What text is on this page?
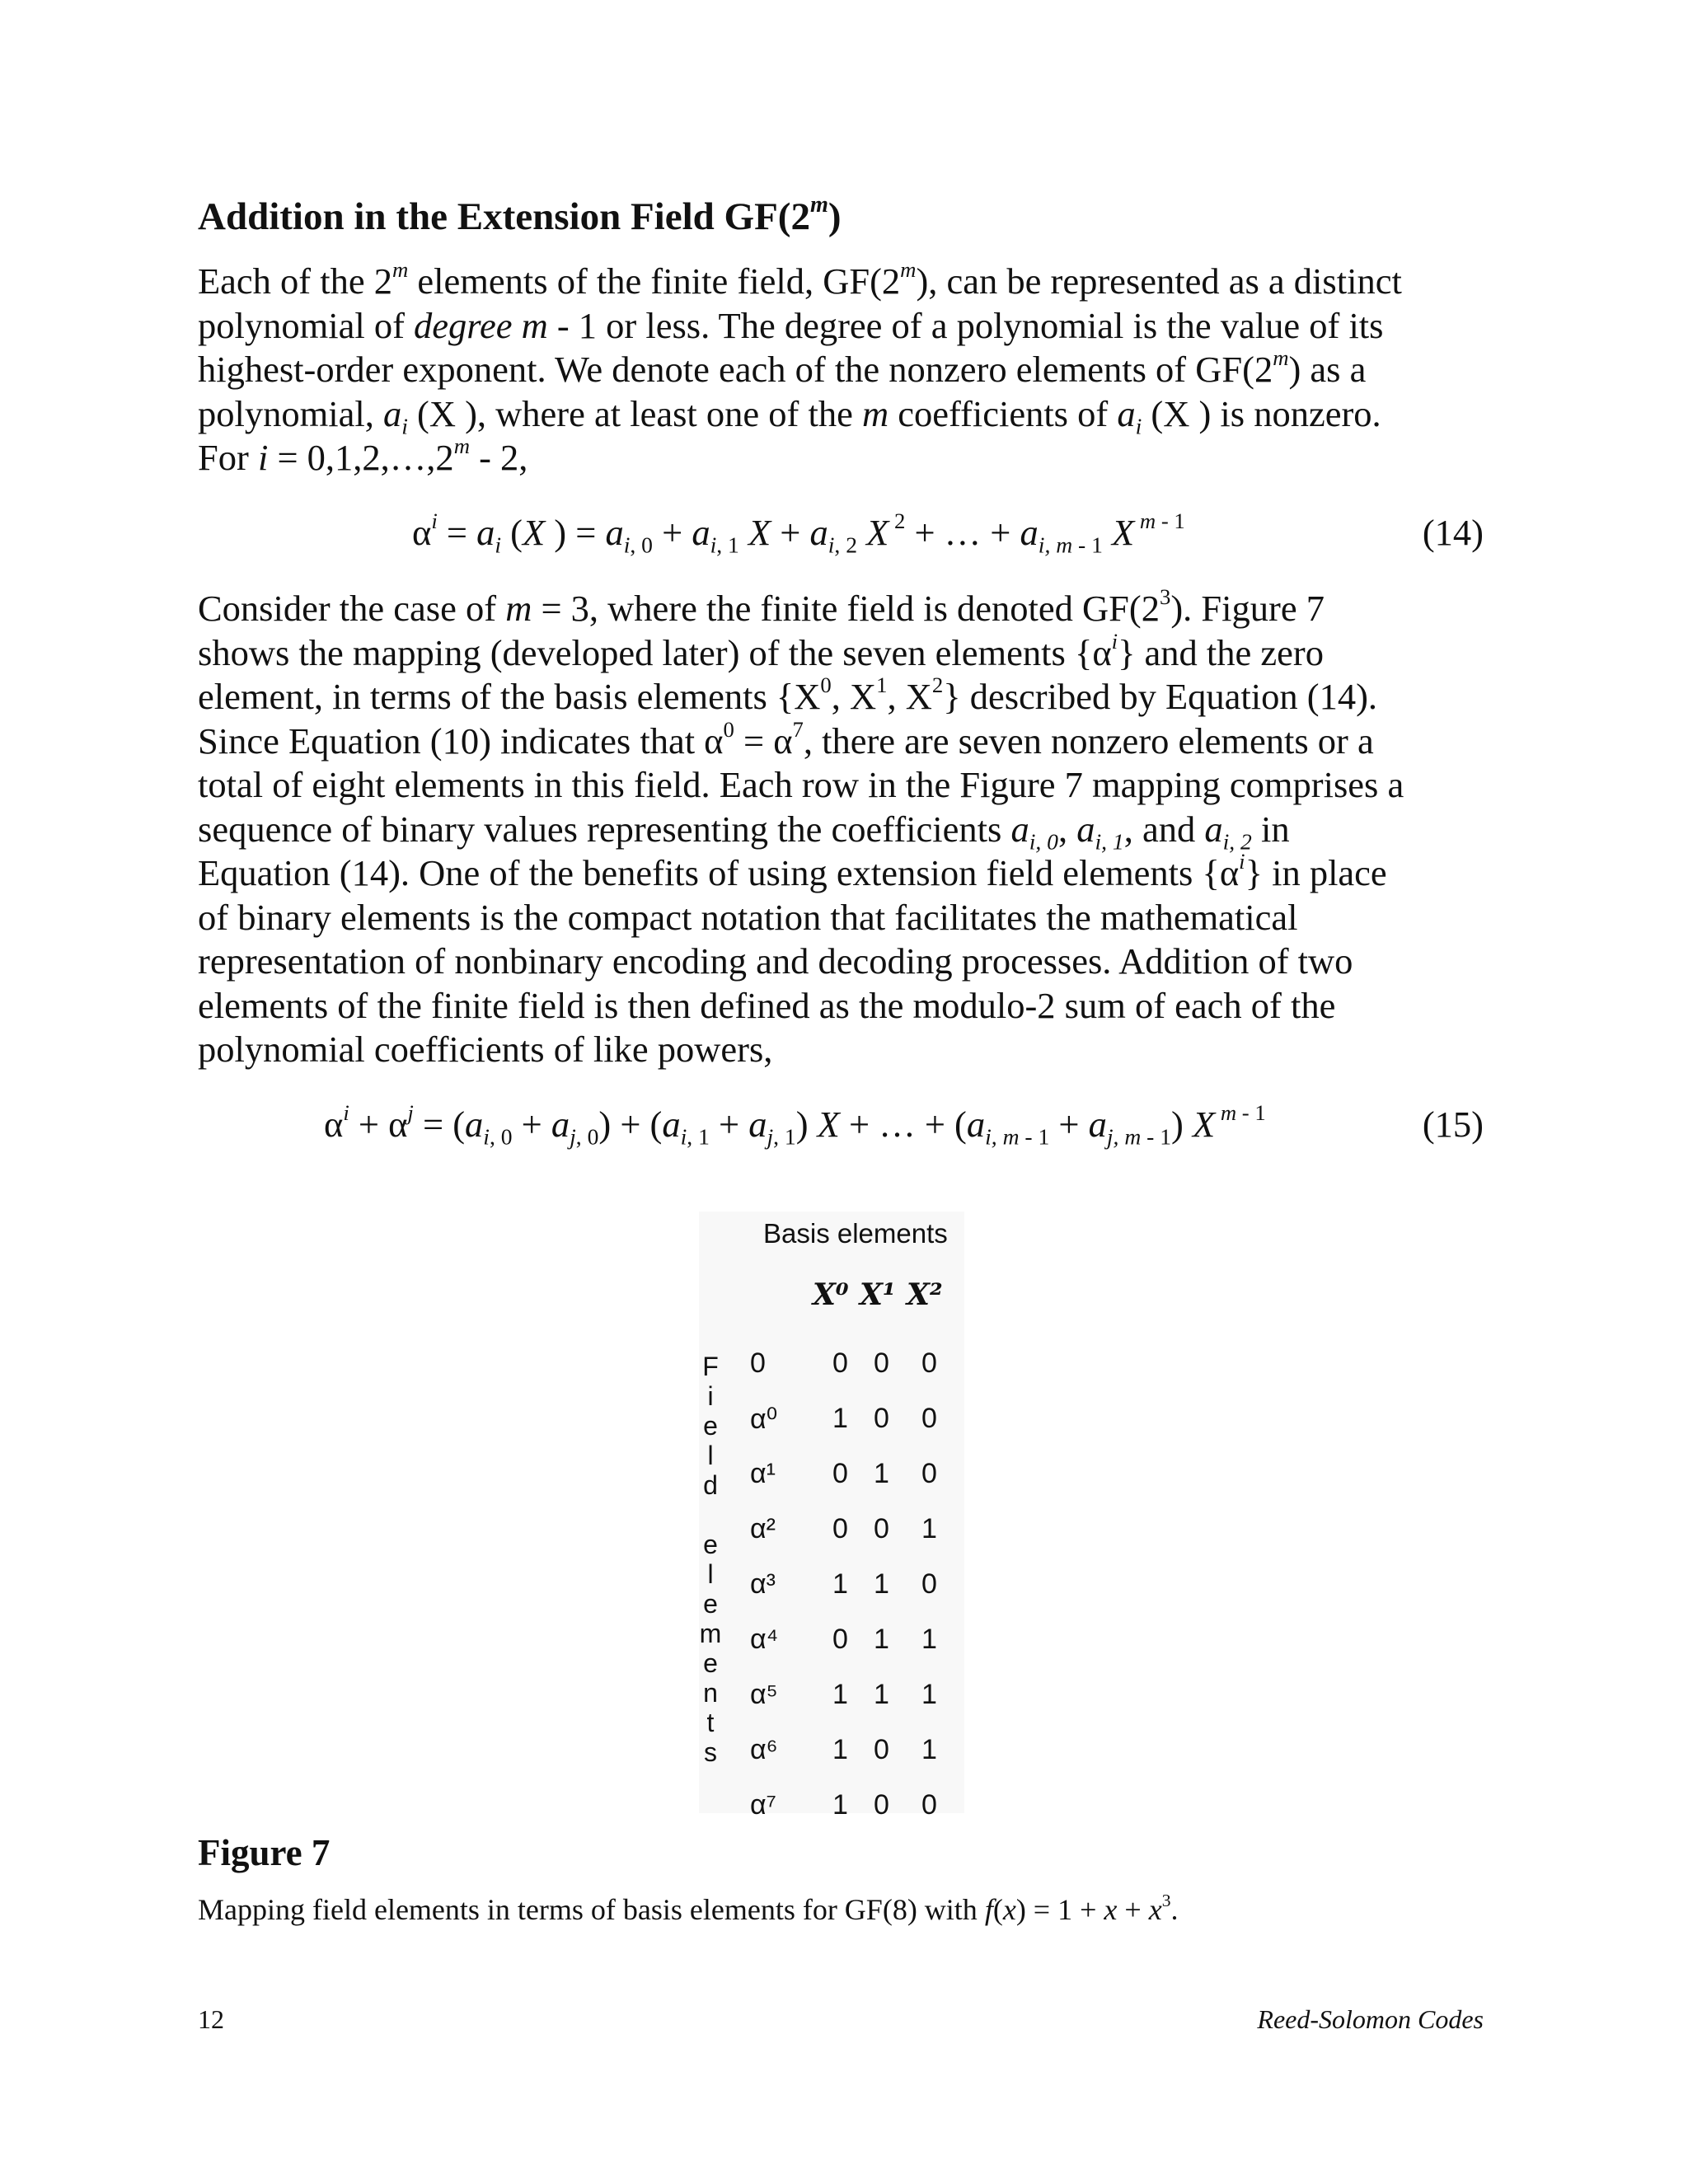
Addition in the Extension Field GF(2$^m$)

Each of the 2$^m$ elements of the finite field, GF(2$^m$), can be represented as a distinct
polynomial of degree m - 1 or less. The degree of a polynomial is the value of its
highest-order exponent. We denote each of the nonzero elements of GF(2$^m$) as a
polynomial, $a_i$ (X ), where at least one of the m coefficients of $a_i$ (X ) is nonzero.
For $i = 0,1,2,\dots,2^m - 2$,

$\alpha^i = a_i$ (X ) = $a_{i, 0} + a_{i, 1}$ $X + a_{i, 2}$ X $^2$ + … + $a_{i, m - 1}$ X $^{m - 1}$	(14)

Consider the case of m = 3, where the finite field is denoted $GF(2^3)$. Figure 7
shows the mapping (developed later) of the seven elements $\{\alpha^i\}$ and the zero
element, in terms of the basis elements {$X^0$, $X^1$, $X^2$} described by Equation (14).
Since Equation (10) indicates that $\alpha^0 = \alpha^7$, there are seven nonzero elements or a
total of eight elements in this field. Each row in the Figure 7 mapping comprises a
sequence of binary values representing the coefficients $a_{i, 0}$, $a_{i, 1}$, and $a_{i, 2}$ in
Equation (14). One of the benefits of using extension field elements $\{\alpha^i\}$ in place
of binary elements is the compact notation that facilitates the mathematical
representation of nonbinary encoding and decoding processes. Addition of two
elements of the finite field is then defined as the modulo-2 sum of each of the
polynomial coefficients of like powers,

$\alpha^i + \alpha^j = (a_{i, 0} + a_{j, 0}) + (a_{i, 1} + a_{j, 1}) X$ + … + $(a_{i, m - 1} + a_{j, m - 1})$ X $^{m - 1}$	(15)
Figure 7
Mapping field elements in terms of basis elements for GF(8) with $f(x) = 1 + x + x^3$.
12	Reed-Solomon Codes
Basis elements
X⁰ X¹ X²
F
i
e
l
d

e
l
e
m
e
n
t
s
0 0 0 0
α⁰ 1 0 0
α¹ 0 1 0
α² 0 0 1
α³ 1 1 0
α⁴ 0 1 1
α⁵ 1 1 1
α⁶ 1 0 1
α⁷ 1 0 0
